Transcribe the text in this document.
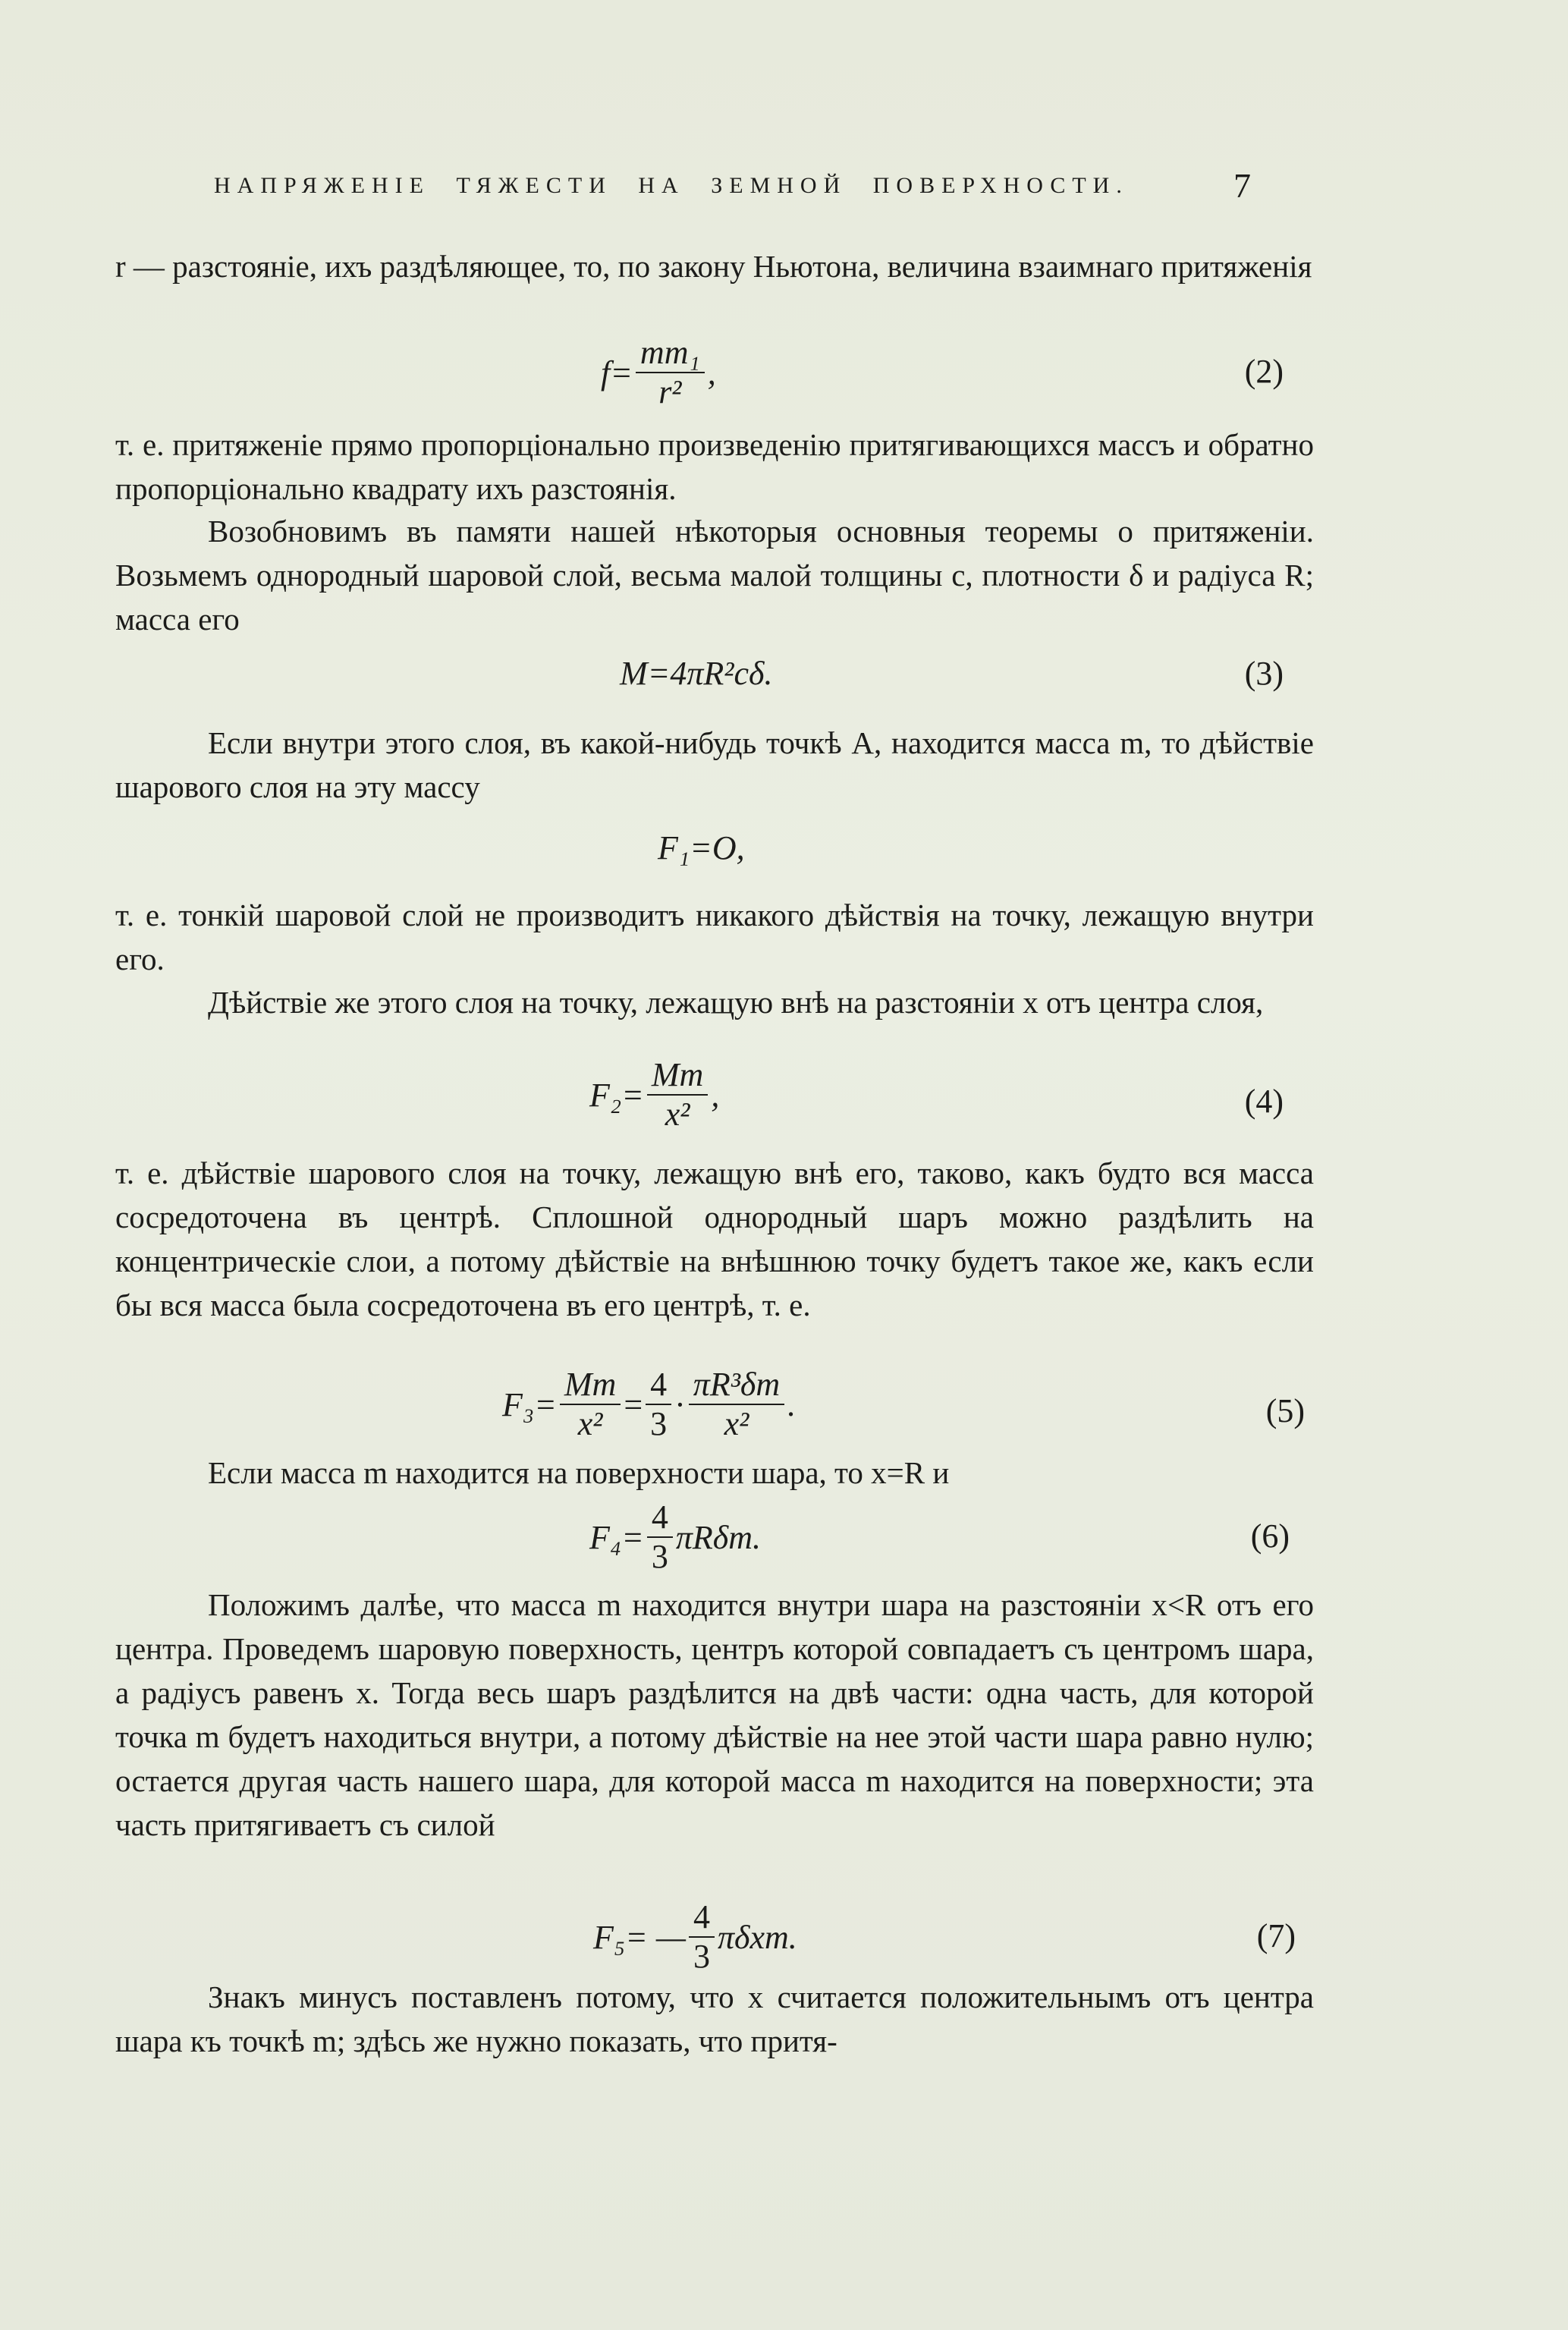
НАПРЯЖЕНІЕ ТЯЖЕСТИ НА ЗЕМНОЙ ПОВЕРХНОСТИ.	7
r — разстояніе, ихъ раздѣляющее, то, по закону Ньютона, величина взаимнаго притяженія
$f= \frac{\text{mm₁}}{\text{r²}}$ ,	(2)
т. е. притяженіе прямо пропорціонально произведенію притягивающихся массъ и обратно пропорціонально квадрату ихъ разстоянія.
Возобновимъ въ памяти нашей нѣкоторыя основныя теоремы о притяженіи. Возьмемъ однородный шаровой слой, весьма малой толщины c, плотности δ и радіуса R; масса его
M=4πR²cδ.	(3)
Если внутри этого слоя, въ какой-нибудь точкѣ A, находится масса m, то дѣйствіе шарового слоя на эту массу
F₁=O,
т. е. тонкій шаровой слой не производитъ никакого дѣйствія на точку, лежащую внутри его.
Дѣйствіе же этого слоя на точку, лежащую внѣ на разстояніи x отъ центра слоя,
$F_2= \frac{Mm}{\text{x²}}$ ,	(4)
т. е. дѣйствіе шарового слоя на точку, лежащую внѣ его, таково, какъ будто вся масса сосредоточена въ центрѣ. Сплошной однородный шаръ можно раздѣлить на концентрическіе слои, а потому дѣйствіе на внѣшнюю точку будетъ такое же, какъ если бы вся масса была сосредоточена въ его центрѣ, т. е.
$F_3= \frac{Mm}{\text{x²}} = \frac{4}{3} \cdot \frac{\text{πR³δm}}{\text{x²}}$ .	(5)
Если масса m находится на поверхности шара, то x=R и
$F_4= \frac{4}{3} \pi R\delta m$.	(6)
Положимъ далѣе, что масса m находится внутри шара на разстояніи x<R отъ его центра. Проведемъ шаровую поверхность, центръ которой совпадаетъ съ центромъ шара, а радіусъ равенъ x. Тогда весь шаръ раздѣлится на двѣ части: одна часть, для которой точка m будетъ находиться внутри, а потому дѣйствіе на нее этой части шара равно нулю; остается другая часть нашего шара, для которой масса m находится на поверхности; эта часть притягиваетъ съ силой
F₅= — $\frac{4}{3} \pi\delta xm$.	(7)
Знакъ минусъ поставленъ потому, что x считается положительнымъ отъ центра шара къ точкѣ m; здѣсь же нужно показать, что притя-
